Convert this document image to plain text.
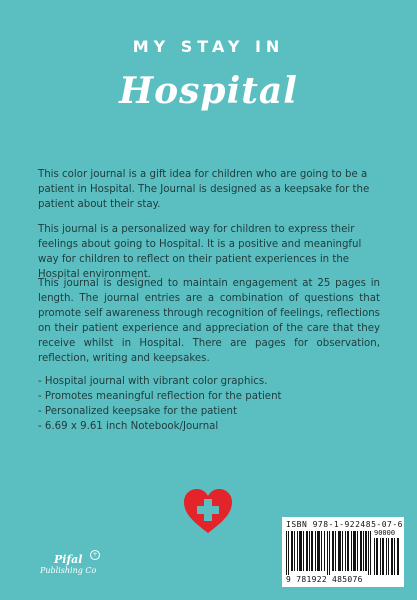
MY STAY IN
Hospital
This color journal is a gift idea for children who are going to be a patient in Hospital. The Journal is designed as a keepsake for the patient about their stay.
This journal is a personalized way for children to express their feelings about going to Hospital. It is a positive and meaningful way for children to reflect on their patient experiences in the Hospital environment.
This journal is designed to maintain engagement at 25 pages in length. The journal entries are a combination of questions that promote self awareness through recognition of feelings, reflections on their patient experience and appreciation of the care that they receive whilst in Hospital. There are pages for observation, reflection, writing and keepsakes.
- Hospital journal with vibrant color graphics.
- Promotes meaningful reflection for the patient
- Personalized keepsake for the patient
- 6.69 x 9.61 inch Notebook/Journal
Pifal	+
Publishing Co
ISBN 978-1-922485-07-6
90000
9 781922 485076
